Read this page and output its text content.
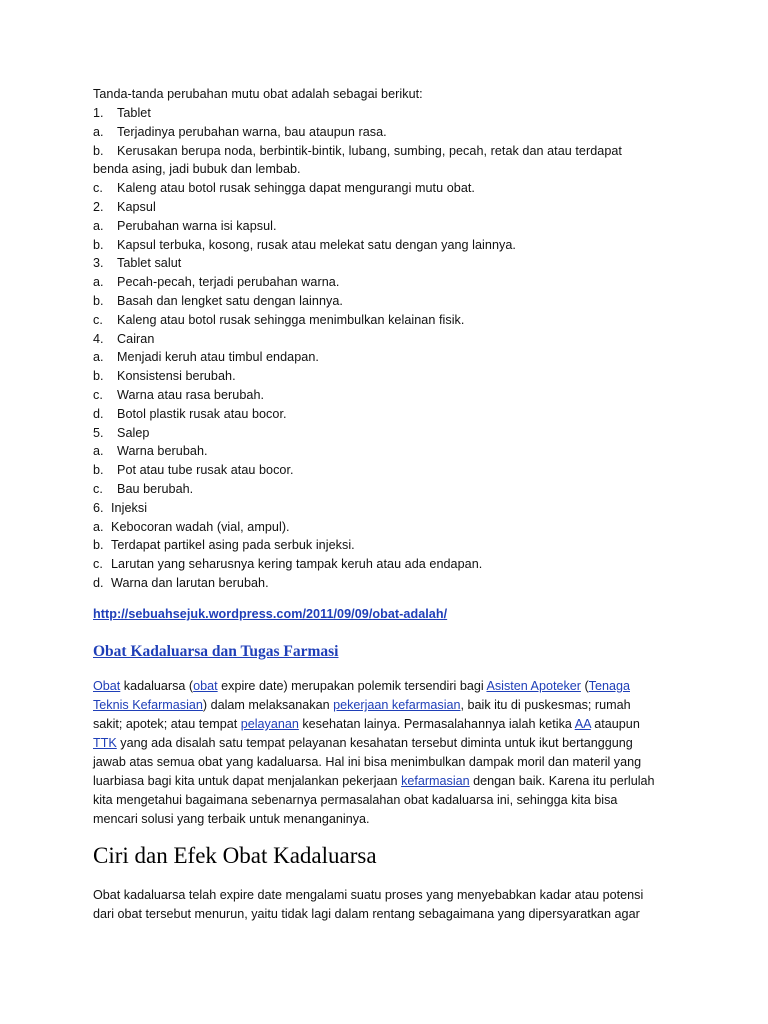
Tanda-tanda perubahan mutu obat adalah sebagai berikut:
1. Tablet
a. Terjadinya perubahan warna, bau ataupun rasa.
b. Kerusakan berupa noda, berbintik-bintik, lubang, sumbing, pecah, retak dan atau terdapat
benda asing, jadi bubuk dan lembab.
c. Kaleng atau botol rusak sehingga dapat mengurangi mutu obat.
2. Kapsul
a. Perubahan warna isi kapsul.
b. Kapsul terbuka, kosong, rusak atau melekat satu dengan yang lainnya.
3. Tablet salut
a. Pecah-pecah, terjadi perubahan warna.
b. Basah dan lengket satu dengan lainnya.
c. Kaleng atau botol rusak sehingga menimbulkan kelainan fisik.
4. Cairan
a. Menjadi keruh atau timbul endapan.
b. Konsistensi berubah.
c. Warna atau rasa berubah.
d. Botol plastik rusak atau bocor.
5. Salep
a. Warna berubah.
b. Pot atau tube rusak atau bocor.
c. Bau berubah.
6. Injeksi
a. Kebocoran wadah (vial, ampul).
b. Terdapat partikel asing pada serbuk injeksi.
c. Larutan yang seharusnya kering tampak keruh atau ada endapan.
d. Warna dan larutan berubah.
http://sebuahsejuk.wordpress.com/2011/09/09/obat-adalah/
Obat Kadaluarsa dan Tugas Farmasi
Obat kadaluarsa (obat expire date) merupakan polemik tersendiri bagi Asisten Apoteker (Tenaga
Teknis Kefarmasian) dalam melaksanakan pekerjaan kefarmasian, baik itu di puskesmas; rumah
sakit; apotek; atau tempat pelayanan kesehatan lainya. Permasalahannya ialah ketika AA ataupun
TTK yang ada disalah satu tempat pelayanan kesahatan tersebut diminta untuk ikut bertanggung
jawab atas semua obat yang kadaluarsa. Hal ini bisa menimbulkan dampak moril dan materil yang
luarbiasa bagi kita untuk dapat menjalankan pekerjaan kefarmasian dengan baik. Karena itu perlulah
kita mengetahui bagaimana sebenarnya permasalahan obat kadaluarsa ini, sehingga kita bisa
mencari solusi yang terbaik untuk menanganinya.
Ciri dan Efek Obat Kadaluarsa
Obat kadaluarsa telah expire date mengalami suatu proses yang menyebabkan kadar atau potensi
dari obat tersebut menurun, yaitu tidak lagi dalam rentang sebagaimana yang dipersyaratkan agar
